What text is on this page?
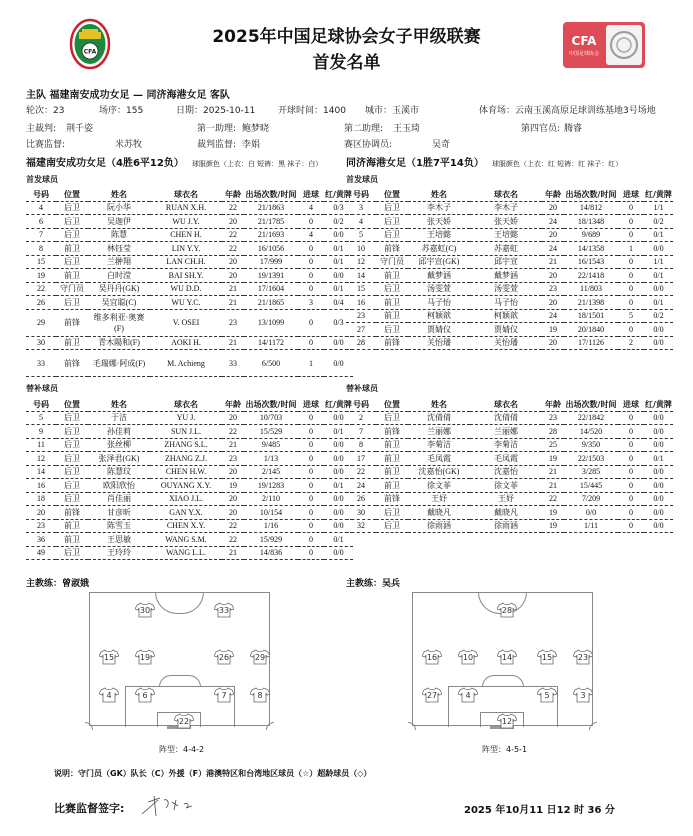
CFA
2025年中国足球协会女子甲级联赛
首发名单
CFA
中国足球协会
主队 福建南安成功女足 — 同济海港女足 客队
轮次：23	场序：155	日期：2025-10-11	开球时间：1400 城市：玉溪市	体育场：云南玉溪高原足球训练基地3号场地
主裁判: 荆千姿	第一助理: 鲍梦晓	第二助理: 王玉琦	第四官员: 腾睿
比赛监督:	米苏牧	裁判监督: 李娟	赛区协调员:	吴奇
福建南安成功女足（4胜6平12负） 球服颜色（上衣：白 短裤：黑 袜子：白） 同济海港女足（1胜7平14负） 球服颜色（上衣：红 短裤：红 袜子：红）
首发球员
号码	位置	姓名	球衣名	年龄	出场次数/时间	进球	红/黄牌
4	后卫	阮小华	RUAN X.H.	22	21/1863	4	0/3
6	后卫	吴迦伊	WU J.Y.	20	21/1785	0	0/2
7	后卫	陈慧	CHEN H.	22	21/1693	4	0/0
8	前卫	林钰莹	LIN Y.Y.	22	16/1056	0	0/1
15	后卫	兰翀翔	LAN CH.H.	20	17/999	0	0/1
19	前卫	白时滢	BAI SH.Y.	20	19/1391	0	0/0
22	守门员	吴丹丹(GK)	WU D.D.	21	17/1604	0	0/1
26	后卫	吴宜聪(C)	WU Y.C.	21	21/1865	3	0/4
29	前锋	维多利亚·奥赛(F)	V. OSEI	23	13/1099	0	0/3
30	前卫	青木陽和(F)	AOKI H.	21	14/1172	0	0/0
33	前锋	毛瑞娜·阿成(F)	M. Achieng	33	6/500	1	0/0
首发球员
号码	位置	姓名	球衣名	年龄	出场次数/时间	进球	红/黄牌
3	后卫	李木子	李木子	20	14/812	0	1/1
4	后卫	张天娇	张天娇	24	18/1348	0	0/2
5	后卫	王培懿	王培懿	20	9/689	0	0/1
10	前锋	苏嘉虹(C)	苏嘉虹	24	14/1358	1	0/0
12	守门员	邱宇宣(GK)	邱宇宣	21	16/1543	0	1/1
14	前卫	戴梦涵	戴梦涵	20	22/1418	0	0/1
15	后卫	汤雯萱	汤雯萱	23	11/803	0	0/0
16	前卫	马子怡	马子怡	20	21/1398	0	0/1
23	前卫	柯颖歆	柯颖歆	24	18/1501	5	0/2
27	后卫	贾婧仪	贾婧仪	19	20/1840	0	0/0
28	前锋	关怡璠	关怡璠	20	17/1126	2	0/0
替补球员
号码	位置	姓名	球衣名	年龄	出场次数/时间	进球	红/黄牌
5	后卫	于洁	YU J.	20	10/703	0	0/0
9	后卫	孙佳莉	SUN J.L.	22	15/529	0	0/1
11	后卫	张丝柳	ZHANG S.L.	21	9/485	0	0/0
12	后卫	张泽君(GK)	ZHANG Z.J.	23	1/13	0	0/0
14	后卫	陈慧玟	CHEN H.W.	20	2/145	0	0/0
16	后卫	欧阳欣怡	OUYANG X.Y.	19	19/1283	0	0/1
18	后卫	肖佳丽	XIAO J.L.	20	2/110	0	0/0
20	前锋	甘彦昕	GAN Y.X.	20	10/154	0	0/0
23	前卫	陈雪玉	CHEN X.Y.	22	1/16	0	0/0
36	前卫	王思敏	WANG S.M.	22	15/929	0	0/1
49	后卫	王玲玲	WANG L.L.	21	14/836	0	0/0
替补球员
号码	位置	姓名	球衣名	年龄	出场次数/时间	进球	红/黄牌
2	后卫	沈倩倩	沈倩倩	23	22/1842	0	0/0
7	前锋	兰丽娜	兰丽娜	28	14/520	0	0/0
8	前卫	李菊洁	李菊洁	25	9/350	0	0/0
17	前卫	毛凤霞	毛凤霞	19	22/1503	0	0/1
22	前卫	沈嘉怡(GK)	沈嘉怡	21	3/285	0	0/0
24	前卫	徐文菲	徐文菲	21	15/445	0	0/0
26	前锋	王妤	王妤	22	7/209	0	0/0
30	后卫	戴晓凡	戴晓凡	19	0/0	0	0/0
32	后卫	徐雨涵	徐雨涵	19	1/11	0	0/0
主教练：曾淑娥	主教练：吴兵
30	33
15	19	26	29
4	6	7	8
22
28
16	10	14	15	23
27	4	5	3
12
阵型：4-4-2	阵型：4-5-1
说明：守门员（GK）队长（C）外援（F）港澳特区和台湾地区球员（☆）超龄球员（◇）
比赛监督签字:	2025 年10月11 日12 时 36 分
